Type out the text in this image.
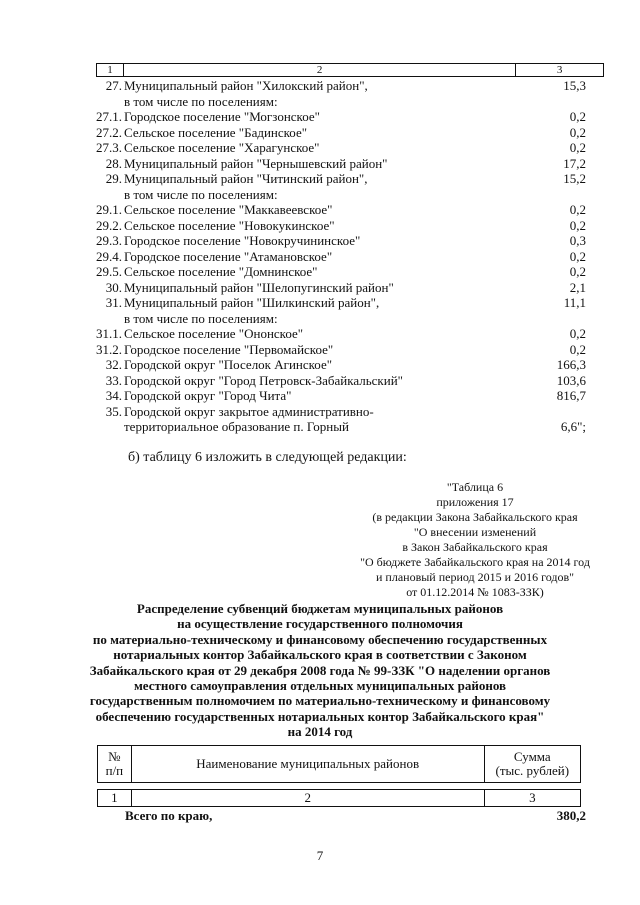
1	2	3
27. Муниципальный район "Хилокский район",	15,3
в том числе по поселениям:
27.1. Городское поселение "Могзонское"	0,2
27.2. Сельское поселение "Бадинское"	0,2
27.3. Сельское поселение "Харагунское"	0,2
28. Муниципальный район "Чернышевский район"	17,2
29. Муниципальный район "Читинский район",	15,2
в том числе по поселениям:
29.1. Сельское поселение "Маккавеевское"	0,2
29.2. Сельское поселение "Новокукинское"	0,2
29.3. Городское поселение "Новокручининское"	0,3
29.4. Городское поселение "Атамановское"	0,2
29.5. Сельское поселение "Домнинское"	0,2
30. Муниципальный район "Шелопугинский район"	2,1
31. Муниципальный район "Шилкинский район",	11,1
в том числе по поселениям:
31.1. Сельское поселение "Ононское"	0,2
31.2. Городское поселение "Первомайское"	0,2
32. Городской округ "Поселок Агинское"	166,3
33. Городской округ "Город Петровск-Забайкальский"	103,6
34. Городской округ "Город Чита"	816,7
35. Городской округ закрытое административно-
территориальное образование п. Горный	6,6";
б) таблицу 6 изложить в следующей редакции:
"Таблица 6
приложения 17
(в редакции Закона Забайкальского края
"О внесении изменений
в Закон Забайкальского края
"О бюджете Забайкальского края на 2014 год
и плановый период 2015 и 2016 годов"
от 01.12.2014 № 1083-ЗЗК)
Распределение субвенций бюджетам муниципальных районов
на осуществление государственного полномочия
по материально-техническому и финансовому обеспечению государственных
нотариальных контор Забайкальского края в соответствии с Законом
Забайкальского края от 29 декабря 2008 года № 99-ЗЗК "О наделении органов
местного самоуправления отдельных муниципальных районов
государственным полномочием по материально-техническому и финансовому
обеспечению государственных нотариальных контор Забайкальского края"
на 2014 год
№
п/п	Наименование муниципальных районов	Сумма
(тыс. рублей)
1	2	3
Всего по краю,	380,2
7
